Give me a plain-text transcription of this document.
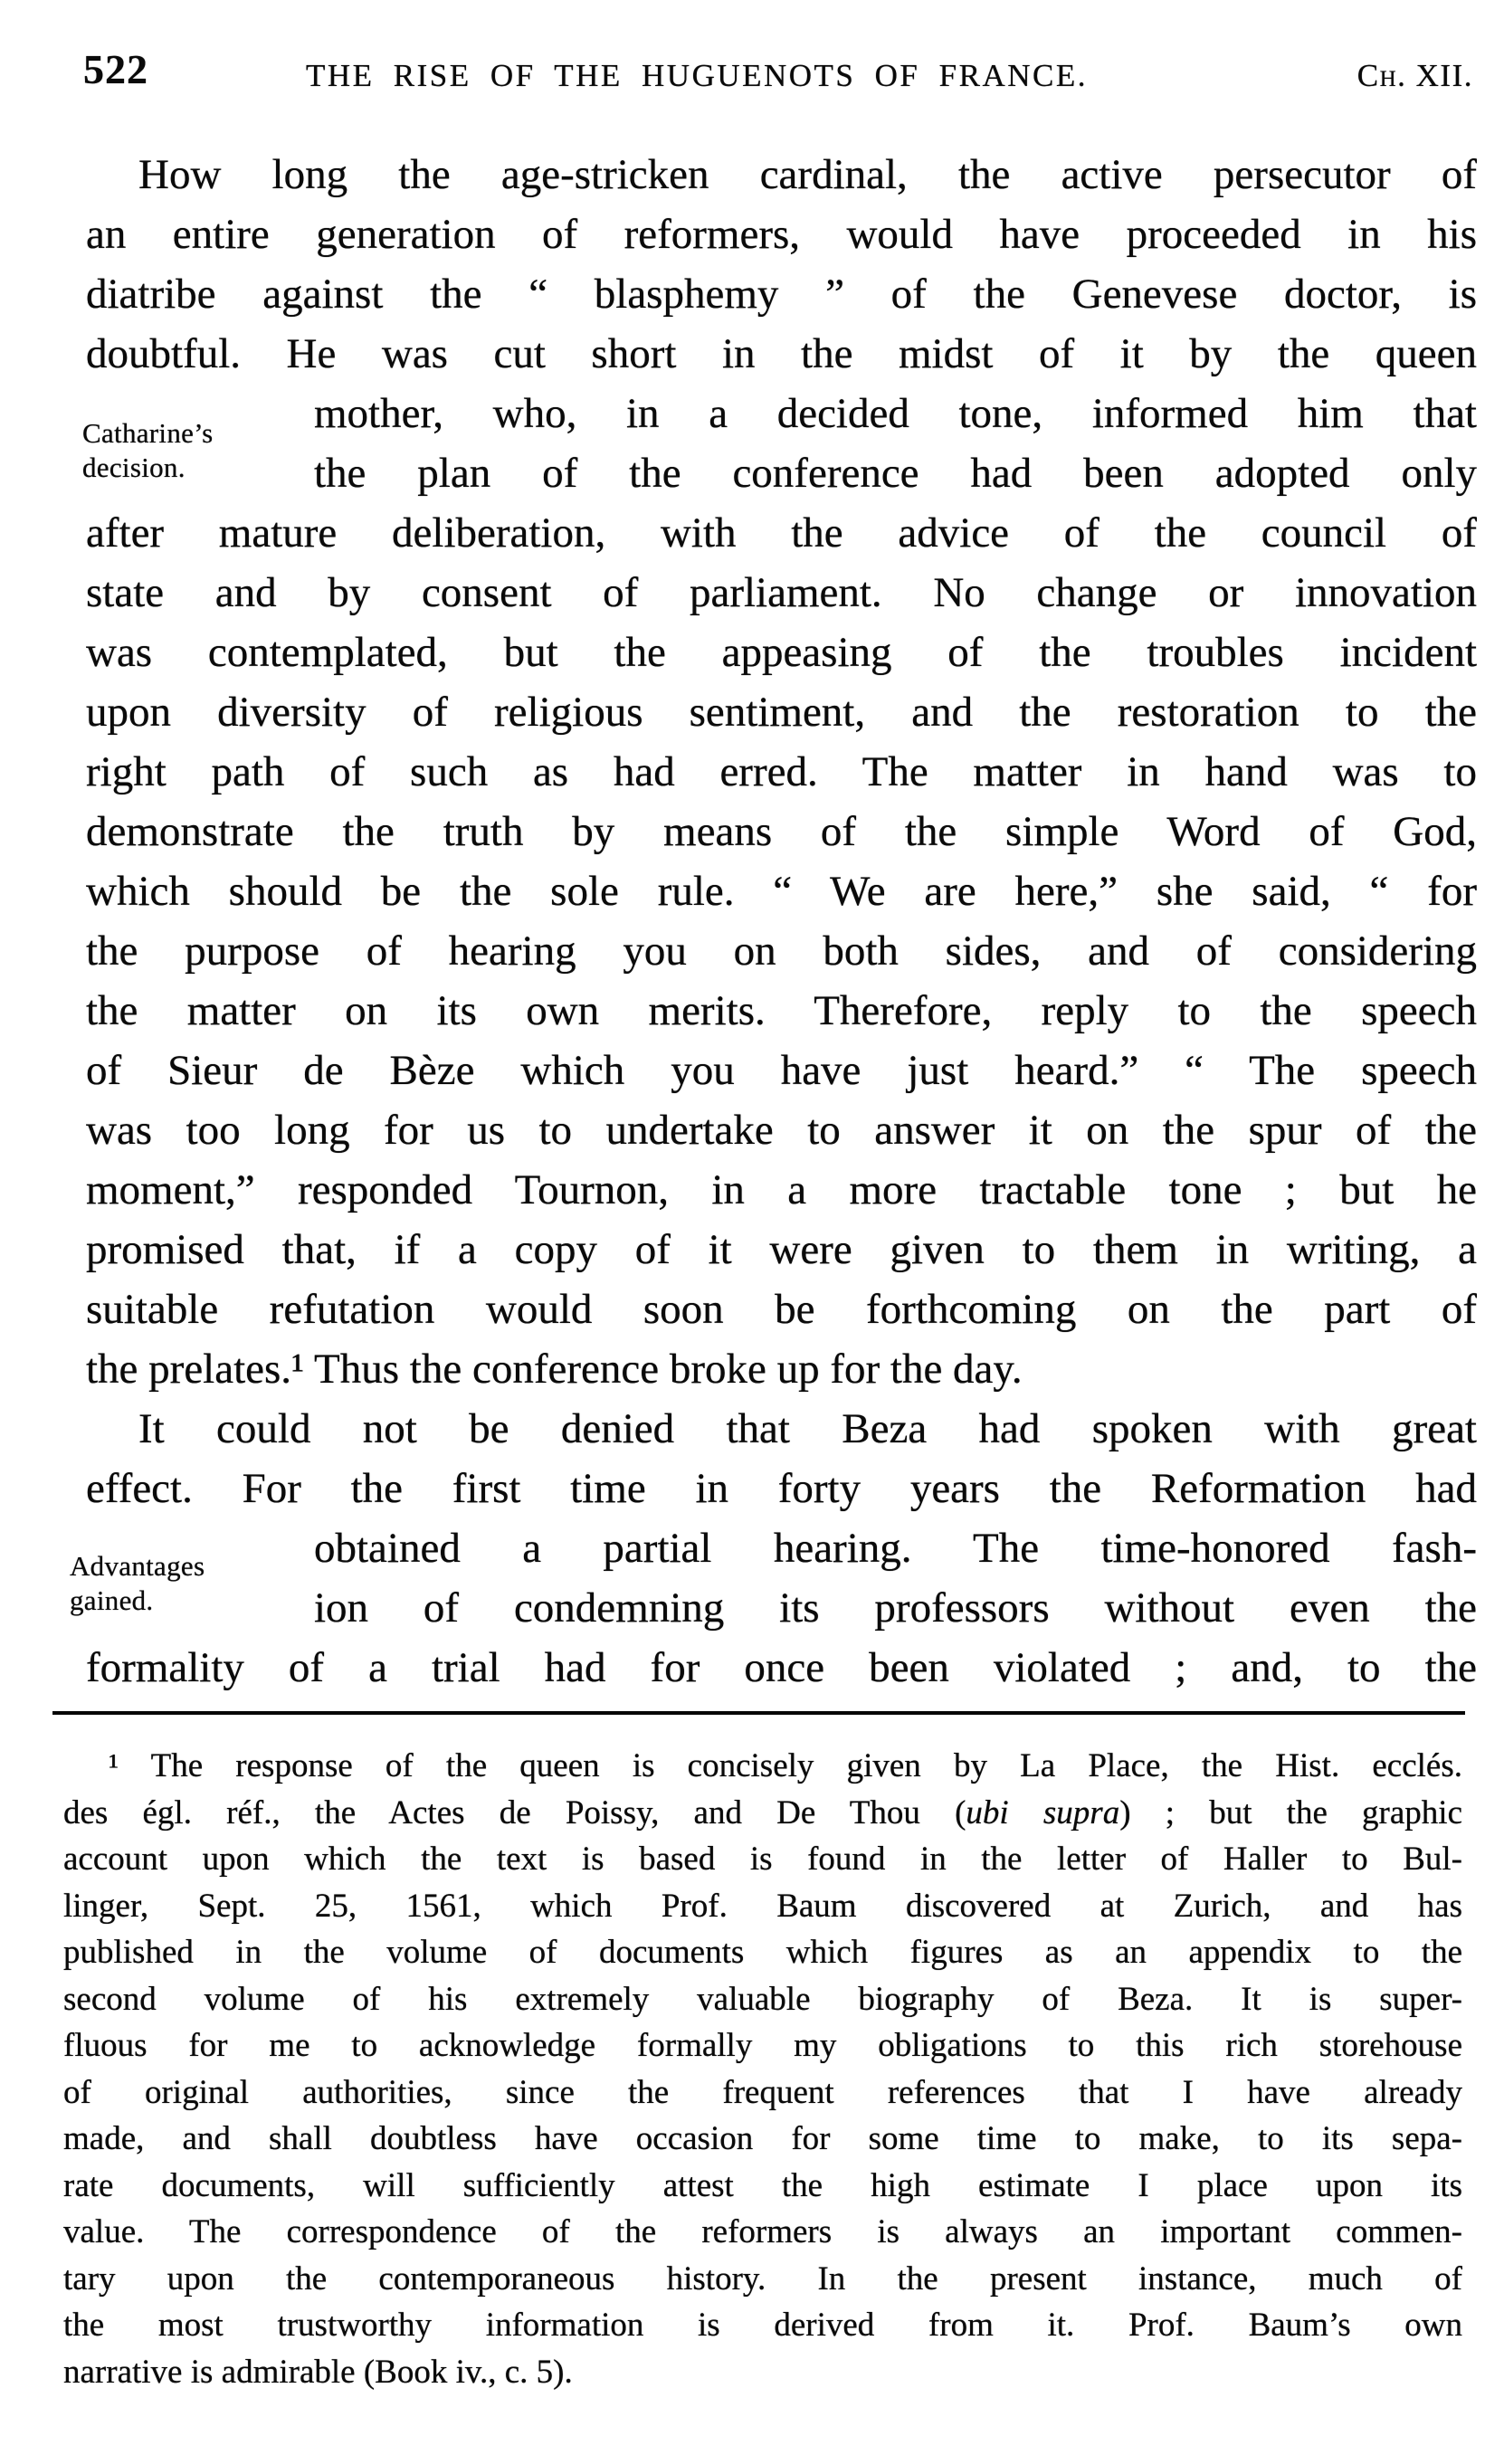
522	THE RISE OF THE HUGUENOTS OF FRANCE.	Ch. XII.
How long the age-stricken cardinal, the active persecutor of
an entire generation of reformers, would have proceeded in his
diatribe against the “ blasphemy ” of the Genevese doctor, is
doubtful. He was cut short in the midst of it by the queen
mother, who, in a decided tone, informed him that
the plan of the conference had been adopted only
after mature deliberation, with the advice of the council of
state and by consent of parliament. No change or innovation
was contemplated, but the appeasing of the troubles incident
upon diversity of religious sentiment, and the restoration to the
right path of such as had erred. The matter in hand was to
demonstrate the truth by means of the simple Word of God,
which should be the sole rule. “ We are here,” she said, “ for
the purpose of hearing you on both sides, and of considering
the matter on its own merits. Therefore, reply to the speech
of Sieur de Bèze which you have just heard.” “ The speech
was too long for us to undertake to answer it on the spur of the
moment,” responded Tournon, in a more tractable tone ; but he
promised that, if a copy of it were given to them in writing, a
suitable refutation would soon be forthcoming on the part of
the prelates.¹ Thus the conference broke up for the day.
It could not be denied that Beza had spoken with great
effect. For the first time in forty years the Reformation had
obtained a partial hearing. The time-honored fash-
ion of condemning its professors without even the
formality of a trial had for once been violated ; and, to the
Catharine’s
decision.
Advantages
gained.
¹ The response of the queen is concisely given by La Place, the Hist. ecclés.
des égl. réf., the Actes de Poissy, and De Thou (ubi supra) ; but the graphic
account upon which the text is based is found in the letter of Haller to Bul-
linger, Sept. 25, 1561, which Prof. Baum discovered at Zurich, and has
published in the volume of documents which figures as an appendix to the
second volume of his extremely valuable biography of Beza. It is super-
fluous for me to acknowledge formally my obligations to this rich storehouse
of original authorities, since the frequent references that I have already
made, and shall doubtless have occasion for some time to make, to its sepa-
rate documents, will sufficiently attest the high estimate I place upon its
value. The correspondence of the reformers is always an important commen-
tary upon the contemporaneous history. In the present instance, much of
the most trustworthy information is derived from it. Prof. Baum’s own
narrative is admirable (Book iv., c. 5).
